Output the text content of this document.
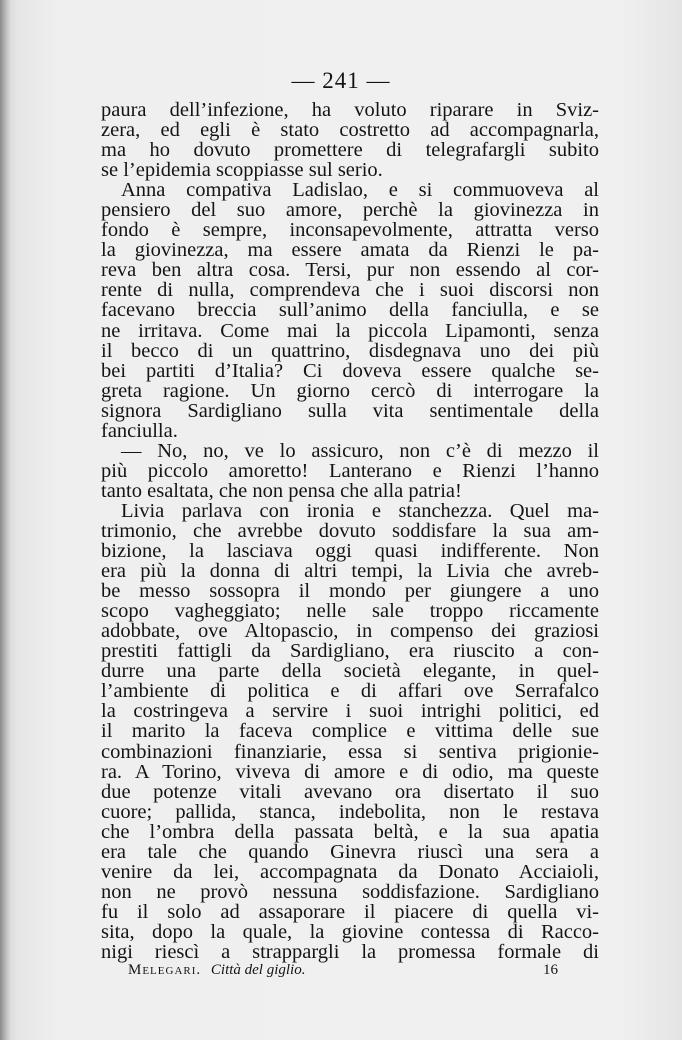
— 241 —
paura dell’infezione, ha voluto riparare in Sviz-
zera, ed egli è stato costretto ad accompagnarla,
ma ho dovuto promettere di telegrafargli subito
se l’epidemia scoppiasse sul serio.
Anna compativa Ladislao, e si commuoveva al
pensiero del suo amore, perchè la giovinezza in
fondo è sempre, inconsapevolmente, attratta verso
la giovinezza, ma essere amata da Rienzi le pa-
reva ben altra cosa. Tersi, pur non essendo al cor-
rente di nulla, comprendeva che i suoi discorsi non
facevano breccia sull’animo della fanciulla, e se
ne irritava. Come mai la piccola Lipamonti, senza
il becco di un quattrino, disdegnava uno dei più
bei partiti d’Italia? Ci doveva essere qualche se-
greta ragione. Un giorno cercò di interrogare la
signora Sardigliano sulla vita sentimentale della
fanciulla.
— No, no, ve lo assicuro, non c’è di mezzo il
più piccolo amoretto! Lanterano e Rienzi l’hanno
tanto esaltata, che non pensa che alla patria!
Livia parlava con ironia e stanchezza. Quel ma-
trimonio, che avrebbe dovuto soddisfare la sua am-
bizione, la lasciava oggi quasi indifferente. Non
era più la donna di altri tempi, la Livia che avreb-
be messo sossopra il mondo per giungere a uno
scopo vagheggiato; nelle sale troppo riccamente
adobbate, ove Altopascio, in compenso dei graziosi
prestiti fattigli da Sardigliano, era riuscito a con-
durre una parte della società elegante, in quel-
l’ambiente di politica e di affari ove Serrafalco
la costringeva a servire i suoi intrighi politici, ed
il marito la faceva complice e vittima delle sue
combinazioni finanziarie, essa si sentiva prigionie-
ra. A Torino, viveva di amore e di odio, ma queste
due potenze vitali avevano ora disertato il suo
cuore; pallida, stanca, indebolita, non le restava
che l’ombra della passata beltà, e la sua apatia
era tale che quando Ginevra riuscì una sera a
venire da lei, accompagnata da Donato Acciaioli,
non ne provò nessuna soddisfazione. Sardigliano
fu il solo ad assaporare il piacere di quella vi-
sita, dopo la quale, la giovine contessa di Racco-
nigi riescì a strappargli la promessa formale di
Melegari. Città del giglio.	16
